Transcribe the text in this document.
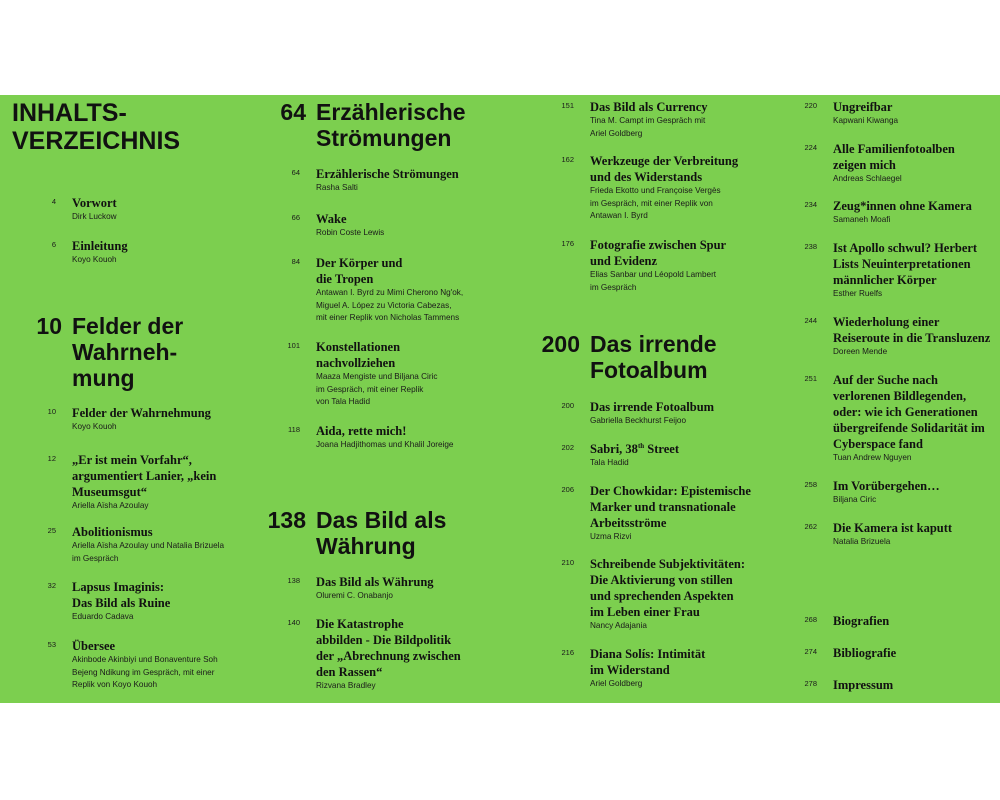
INHALTS-
VERZEICHNIS
10 Felder der
Wahrneh-
mung
64 Erzählerische
Strömungen
138 Das Bild als
Währung
200 Das irrende
Fotoalbum
4 Vorwort
Dirk Luckow
6 Einleitung
Koyo Kouoh
10 Felder der Wahrnehmung
Koyo Kouoh
12 „Er ist mein Vorfahr“,
argumentiert Lanier, „kein
Museumsgut“
Ariella Aïsha Azoulay
25 Abolitionismus
Ariella Aïsha Azoulay und Natalia Brizuela
im Gespräch
32 Lapsus Imaginis:
Das Bild als Ruine
Eduardo Cadava
53 Übersee
Akinbode Akinbiyi und Bonaventure Soh
Bejeng Ndikung im Gespräch, mit einer
Replik von Koyo Kouoh
64 Erzählerische Strömungen
Rasha Salti
66 Wake
Robin Coste Lewis
84 Der Körper und
die Tropen
Antawan I. Byrd zu Mimi Cherono Ng'ok,
Miguel A. López zu Victoria Cabezas,
mit einer Replik von Nicholas Tammens
101 Konstellationen
nachvollziehen
Maaza Mengiste und Biljana Ciric
im Gespräch, mit einer Replik
von Tala Hadid
118 Aida, rette mich!
Joana Hadjithomas und Khalil Joreige
138 Das Bild als Währung
Oluremi C. Onabanjo
140 Die Katastrophe
abbilden - Die Bildpolitik
der „Abrechnung zwischen
den Rassen“
Rizvana Bradley
151 Das Bild als Currency
Tina M. Campt im Gespräch mit
Ariel Goldberg
162 Werkzeuge der Verbreitung
und des Widerstands
Frieda Ekotto und Françoise Vergès
im Gespräch, mit einer Replik von
Antawan I. Byrd
176 Fotografie zwischen Spur
und Evidenz
Elias Sanbar und Léopold Lambert
im Gespräch
200 Das irrende Fotoalbum
Gabriella Beckhurst Feijoo
202 Sabri, 38th Street
Tala Hadid
206 Der Chowkidar: Epistemische
Marker und transnationale
Arbeitsströme
Uzma Rizvi
210 Schreibende Subjektivitäten:
Die Aktivierung von stillen
und sprechenden Aspekten
im Leben einer Frau
Nancy Adajania
216 Diana Solís: Intimität
im Widerstand
Ariel Goldberg
220 Ungreifbar
Kapwani Kiwanga
224 Alle Familienfotoalben
zeigen mich
Andreas Schlaegel
234 Zeug*innen ohne Kamera
Samaneh Moafi
238 Ist Apollo schwul? Herbert
Lists Neuinterpretationen
männlicher Körper
Esther Ruelfs
244 Wiederholung einer
Reiseroute in die Transluzenz
Doreen Mende
251 Auf der Suche nach
verlorenen Bildlegenden,
oder: wie ich Generationen
übergreifende Solidarität im
Cyberspace fand
Tuan Andrew Nguyen
258 Im Vorübergehen…
Biljana Ciric
262 Die Kamera ist kaputt
Natalia Brizuela
268 Biografien
274 Bibliografie
278 Impressum
